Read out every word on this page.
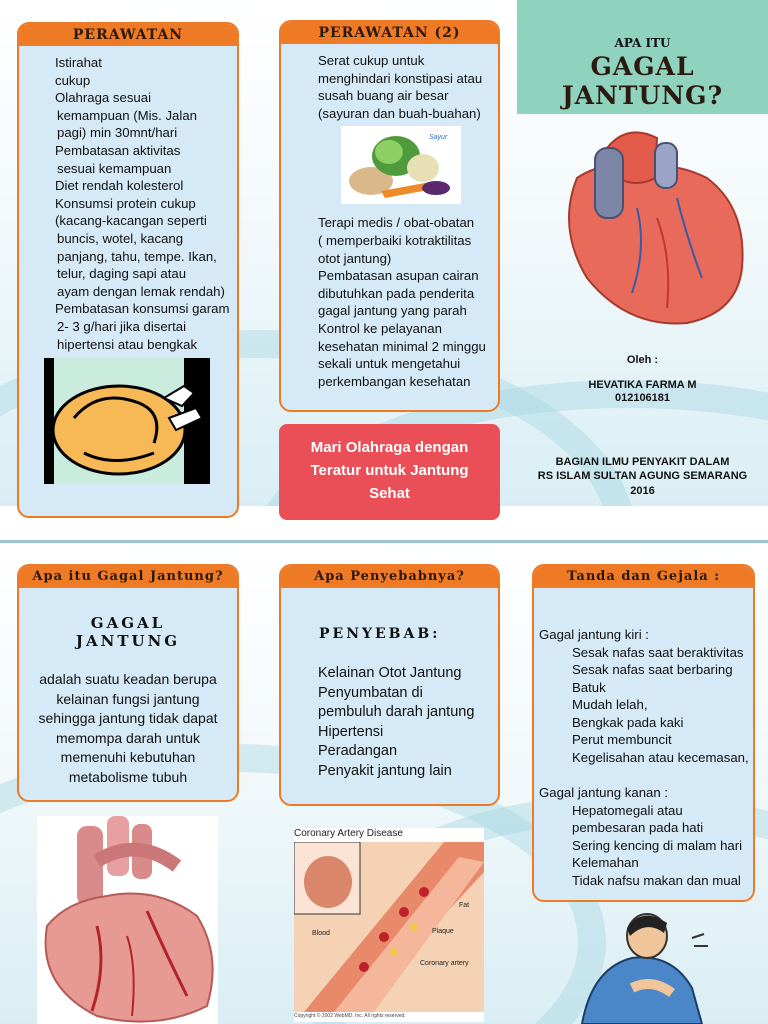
PERAWATAN
Istirahat
cukup
Olahraga sesuai
kemampuan (Mis. Jalan
pagi) min 30mnt/hari
Pembatasan aktivitas
sesuai kemampuan
Diet rendah kolesterol
Konsumsi protein cukup
(kacang-kacangan seperti
buncis, wotel, kacang
panjang, tahu, tempe. Ikan,
telur, daging sapi atau
ayam dengan lemak rendah)
Pembatasan konsumsi garam
2- 3 g/hari jika disertai
hipertensi atau bengkak
PERAWATAN (2)
Serat cukup untuk
menghindari konstipasi atau
susah buang air besar
(sayuran dan buah-buahan)
Sayur
Terapi medis / obat-obatan
( memperbaiki kotraktilitas
otot jantung)
Pembatasan asupan cairan
dibutuhkan pada penderita
gagal jantung yang parah
Kontrol ke pelayanan
kesehatan minimal 2 minggu
sekali untuk mengetahui
perkembangan kesehatan
Mari Olahraga dengan
Teratur untuk Jantung
Sehat
APA ITU
GAGAL JANTUNG?
Oleh :
HEVATIKA FARMA M
012106181
BAGIAN ILMU PENYAKIT DALAM
RS ISLAM SULTAN AGUNG SEMARANG
2016
Apa itu Gagal Jantung?
GAGAL
JANTUNG
adalah suatu keadan berupa
kelainan fungsi jantung
sehingga jantung tidak dapat
memompa darah untuk
memenuhi kebutuhan
metabolisme tubuh
Apa Penyebabnya?
PENYEBAB:
Kelainan Otot Jantung
Penyumbatan di
pembuluh darah jantung
Hipertensi
Peradangan
Penyakit jantung lain
Tanda dan Gejala :
Gagal jantung kiri :
Sesak nafas saat beraktivitas
Sesak nafas saat berbaring
Batuk
Mudah lelah,
Bengkak pada kaki
Perut membuncit
Kegelisahan atau kecemasan,
Gagal jantung kanan :
Hepatomegali atau
pembesaran pada hati
Sering kencing di malam hari
Kelemahan
Tidak nafsu makan dan mual
Coronary Artery Disease
Fat
Blood	Plaque
Coronary artery
Copyright © 2002 WebMD, Inc. All rights reserved.
